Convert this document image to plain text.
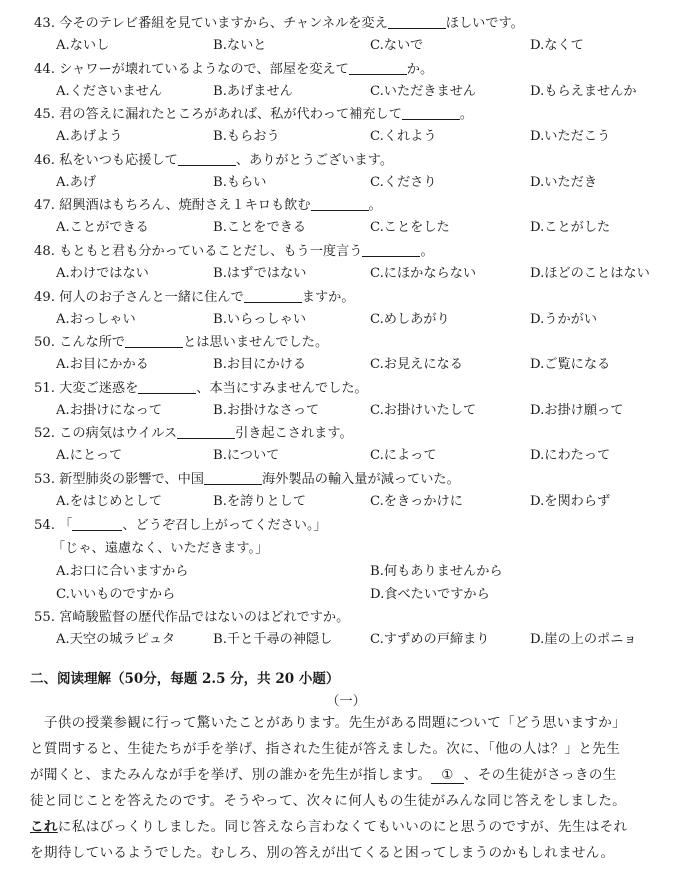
43. 今そのテレビ番組を見ていますから、チャンネルを変え	ほしいです。
A.ないし	B.ないと	C.ないで	D.なくて
44. シャワーが壊れているようなので、部屋を変えて	か。
A.くださいません	B.あげません	C.いただきません	D.もらえませんか
45. 君の答えに漏れたところがあれば、私が代わって補充して	。
A.あげよう	B.もらおう	C.くれよう	D.いただこう
46. 私をいつも応援して	、ありがとうございます。
A.あげ	B.もらい	C.くださり	D.いただき
47. 紹興酒はもちろん、焼酎さえ１キロも飲む	。
A.ことができる	B.ことをできる	C.ことをした	D.ことがした
48. もともと君も分かっていることだし、もう一度言う	。
A.わけではない	B.はずではない	C.にほかならない	D.ほどのことはない
49. 何人のお子さんと一緒に住んで	ますか。
A.おっしゃい	B.いらっしゃい	C.めしあがり	D.うかがい
50. こんな所で	とは思いませんでした。
A.お目にかかる	B.お目にかける	C.お見えになる	D.ご覧になる
51. 大変ご迷惑を	、本当にすみませんでした。
A.お掛けになって	B.お掛けなさって	C.お掛けいたして	D.お掛け願って
52. この病気はウイルス	引き起こされます。
A.にとって	B.について	C.によって	D.にわたって
53. 新型肺炎の影響で、中国	海外製品の輸入量が減っていた。
A.をはじめとして	B.を誇りとして	C.をきっかけに	D.を関わらず
54. 「	、どうぞ召し上がってください。」
「じゃ、遠慮なく、いただきます。」
A.お口に合いますから	B.何もありませんから
C.いいものですから	D.食べたいですから
55. 宮崎駿監督の歴代作品ではないのはどれですか。
A.天空の城ラピュタ	B.千と千尋の神隠し	C.すずめの戸締まり	D.崖の上のポニョ
二、阅读理解（50分，每题 2.5 分，共 20 小题）
（一）
　子供の授業参観に行って驚いたことがあります。先生がある問題について「どう思いますか」
と質問すると、生徒たちが手を挙げ、指された生徒が答えました。次に、「他の人は？」と先生
が聞くと、またみんなが手を挙げ、別の誰かを先生が指します。 ① 、その生徒がさっきの生
徒と同じことを答えたのです。そうやって、次々に何人もの生徒がみんな同じ答えをしました。
これに私はびっくりしました。同じ答えなら言わなくてもいいのにと思うのですが、先生はそれ
を期待しているようでした。むしろ、別の答えが出てくると困ってしまうのかもしれません。
